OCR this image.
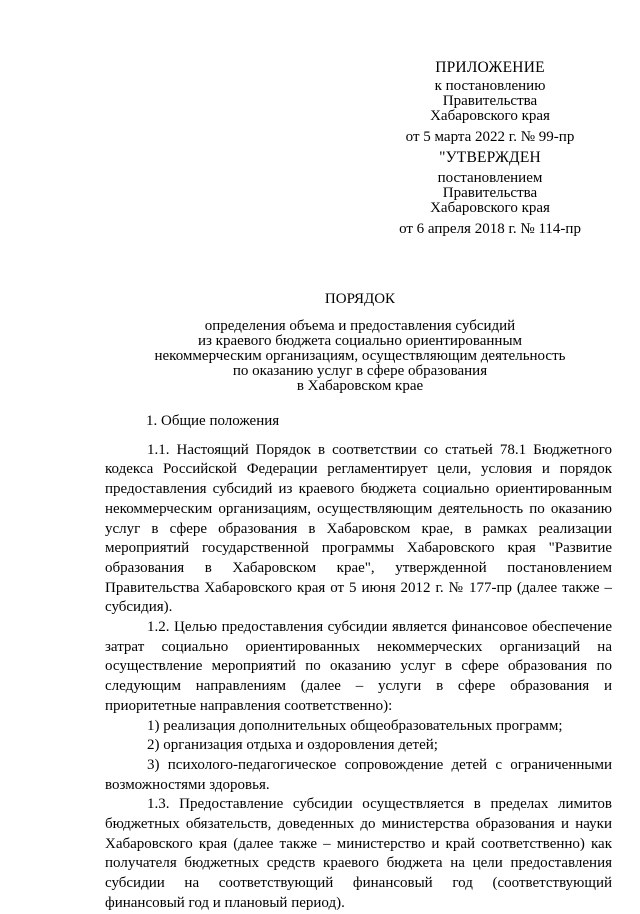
ПРИЛОЖЕНИЕ
к постановлению
Правительства
Хабаровского края
от 5 марта 2022 г. № 99-пр
"УТВЕРЖДЕН
постановлением
Правительства
Хабаровского края
от 6 апреля 2018 г. № 114-пр
ПОРЯДОК
определения объема и предоставления субсидий
из краевого бюджета социально ориентированным
некоммерческим организациям, осуществляющим деятельность
по оказанию услуг в сфере образования
в Хабаровском крае
1. Общие положения

1.1. Настоящий Порядок в соответствии со статьей 78.1 Бюджетного кодекса Российской Федерации регламентирует цели, условия и порядок предоставления субсидий из краевого бюджета социально ориентированным некоммерческим организациям, осуществляющим деятельность по оказанию услуг в сфере образования в Хабаровском крае, в рамках реализации мероприятий государственной программы Хабаровского края "Развитие образования в Хабаровском крае", утвержденной постановлением Правительства Хабаровского края от 5 июня 2012 г. № 177-пр (далее также – субсидия).

1.2. Целью предоставления субсидии является финансовое обеспечение затрат социально ориентированных некоммерческих организаций на осуществление мероприятий по оказанию услуг в сфере образования по следующим направлениям (далее – услуги в сфере образования и приоритетные направления соответственно):

1) реализация дополнительных общеобразовательных программ;

2) организация отдыха и оздоровления детей;

3) психолого-педагогическое сопровождение детей с ограниченными возможностями здоровья.

1.3. Предоставление субсидии осуществляется в пределах лимитов бюджетных обязательств, доведенных до министерства образования и науки Хабаровского края (далее также – министерство и край соответственно) как получателя бюджетных средств краевого бюджета на цели предоставления субсидии на соответствующий финансовый год (соответствующий финансовый год и плановый период).
